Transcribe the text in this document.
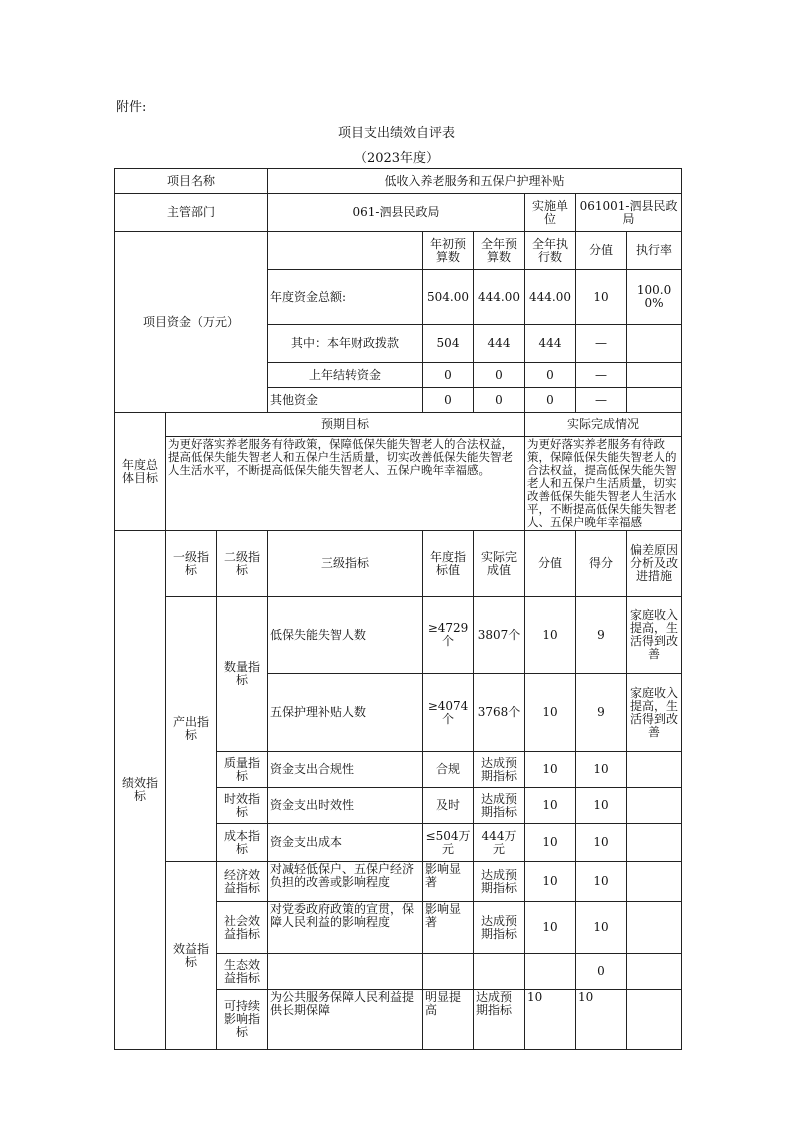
附件:
项目支出绩效自评表
（2023年度）
项目名称			低收入养老服务和五保户护理补贴						
主管部门			061-泗县民政局			实施单位	061001-泗县民政局		
项目资金（万元）				年初预算数	全年预算数	全年执行数	分值	执行率	
			年度资金总额:	504.00	444.00	444.00	10	100.00%	
			其中：本年财政拨款	504	444	444	—		
			上年结转资金	0	0	0	—		
			其他资金	0	0	0	—		
年度总体目标	预期目标					实际完成情况			
	为更好落实养老服务有待政策，保障低保失能失智老人的合法权益，提高低保失能失智老人和五保户生活质量，切实改善低保失能失智老人生活水平，不断提高低保失能失智老人、五保户晚年幸福感。					为更好落实养老服务有待政策，保障低保失能失智老人的合法权益，提高低保失能失智老人和五保户生活质量，切实改善低保失能失智老人生活水平，不断提高低保失能失智老人、五保户晚年幸福感			
绩效指标	一级指标	二级指标	三级指标	年度指标值	实际完成值	分值	得分	偏差原因分析及改进措施	
	产出指标	数量指标	低保失能失智人数	≥4729个	3807个	10	9	家庭收入提高，生活得到改善	
			五保护理补贴人数	≥4074个	3768个	10	9	家庭收入提高，生活得到改善	
		质量指标	资金支出合规性	合规	达成预期指标	10	10		
		时效指标	资金支出时效性	及时	达成预期指标	10	10		
		成本指标	资金支出成本	≤504万元	444万元	10	10		
	效益指标	经济效益指标	对减轻低保户、五保户经济负担的改善或影响程度	影响显著	达成预期指标	10	10		
		社会效益指标	对党委政府政策的宣贯，保障人民利益的影响程度	影响显著	达成预期指标	10	10		
		生态效益指标					0		
		可持续影响指标	为公共服务保障人民利益提供长期保障	明显提高	达成预期指标	10	10		
